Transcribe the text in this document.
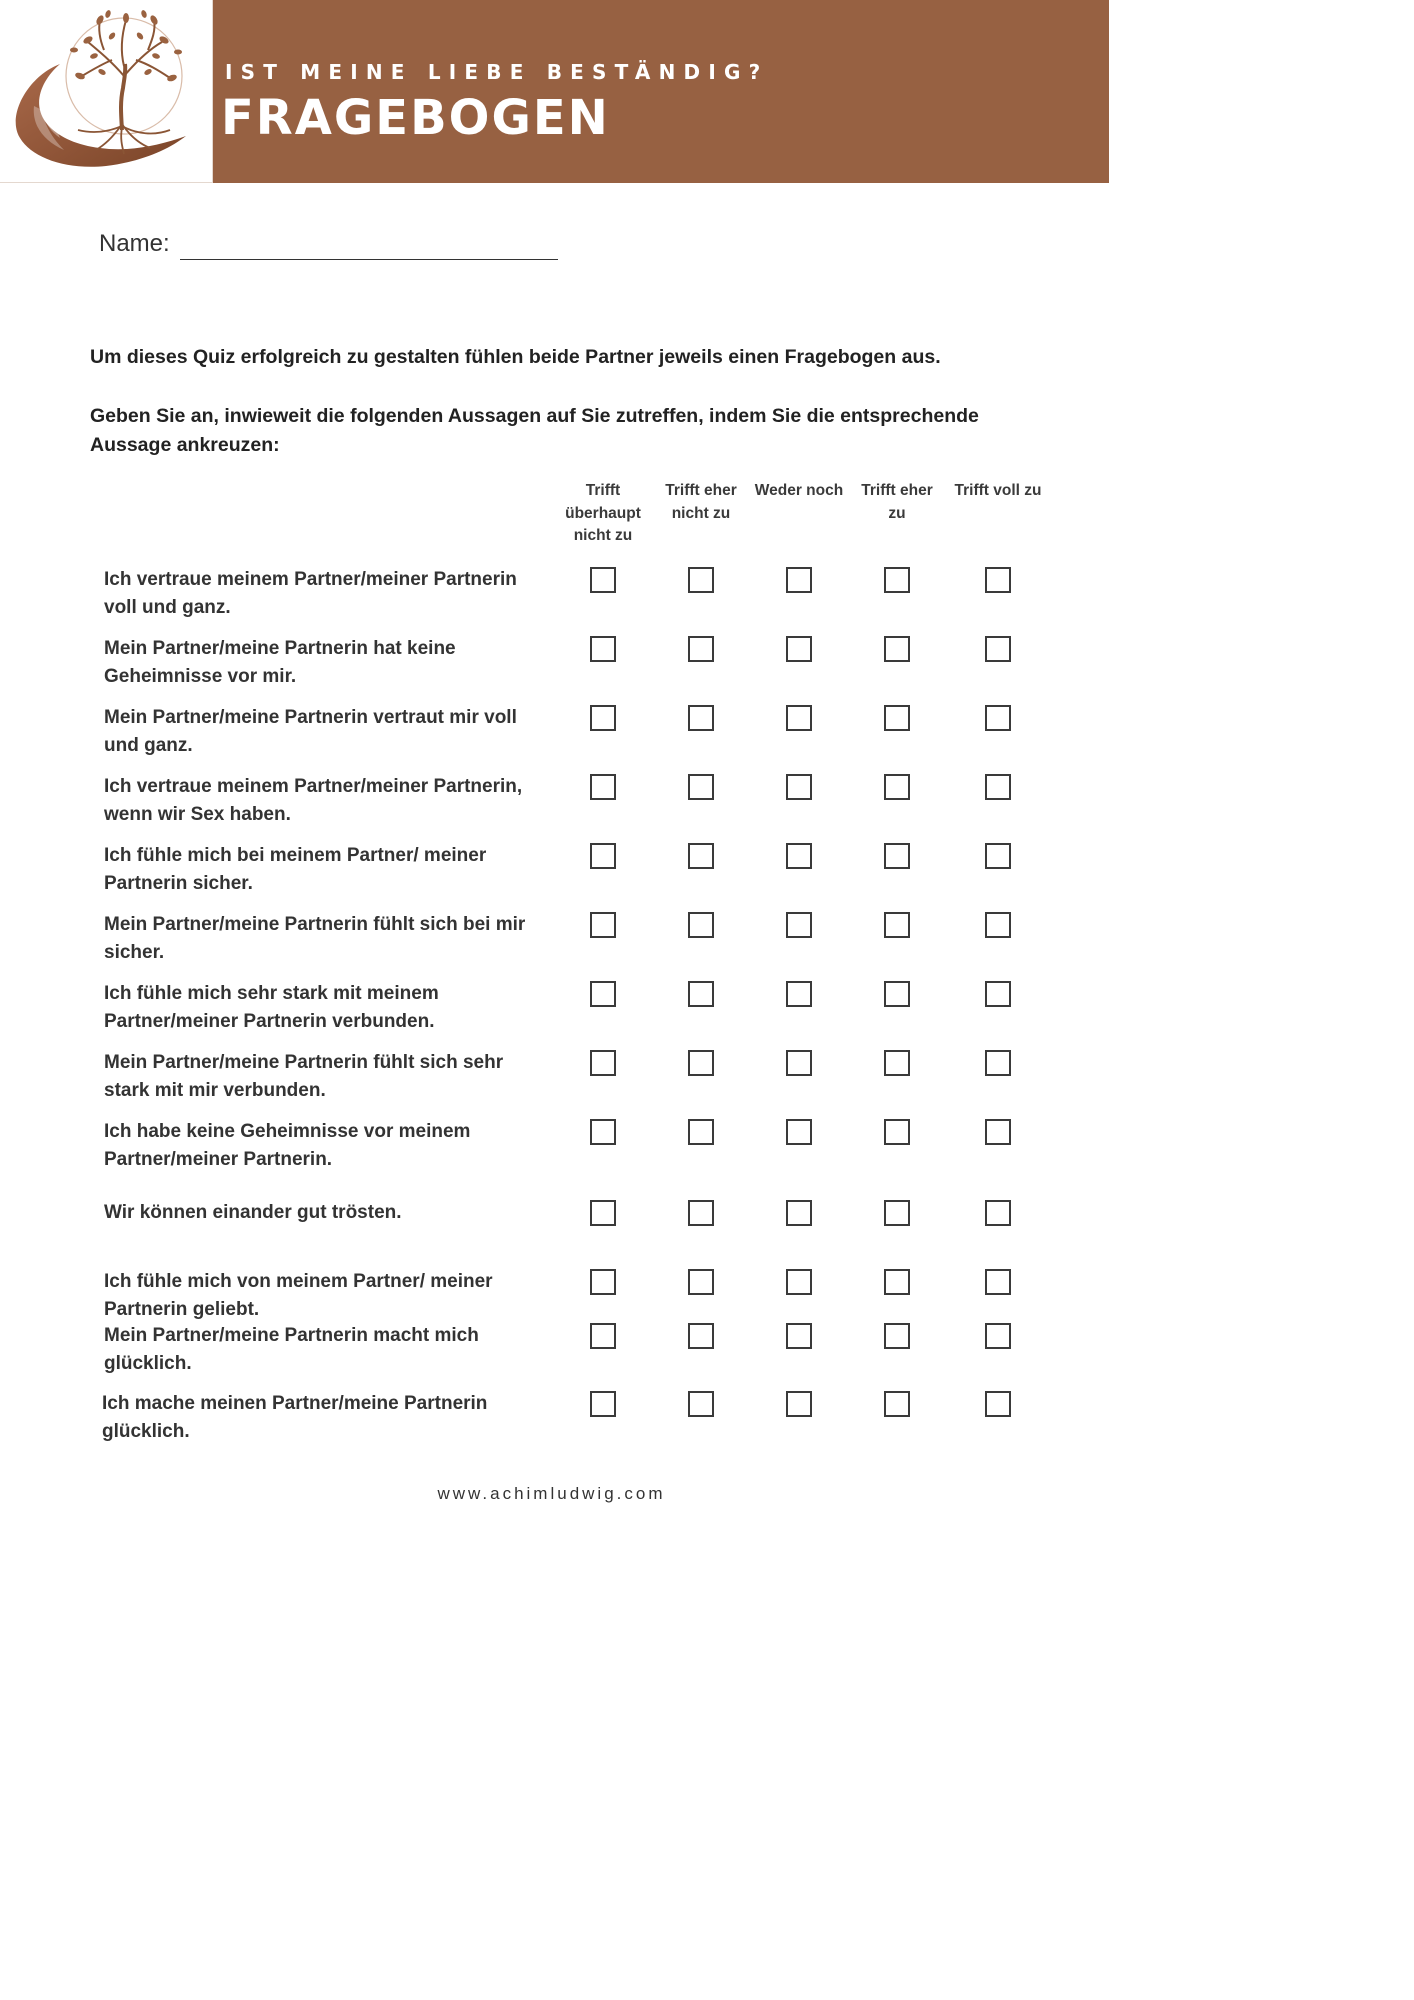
IST MEINE LIEBE BESTÄNDIG?
FRAGEBOGEN
Name:
Um dieses Quiz erfolgreich zu gestalten fühlen beide Partner jeweils einen Fragebogen aus.
Geben Sie an, inwieweit die folgenden Aussagen auf Sie zutreffen, indem Sie die entsprechende Aussage ankreuzen:
Trifft überhaupt nicht zu
Trifft eher nicht zu
Weder noch	Trifft eher zu
Trifft voll zu
Ich vertraue meinem Partner/meiner Partnerin voll und ganz.
Mein Partner/meine Partnerin hat keine Geheimnisse vor mir.
Mein Partner/meine Partnerin vertraut mir voll und ganz.
Ich vertraue meinem Partner/meiner Partnerin, wenn wir Sex haben.
Ich fühle mich bei meinem Partner/ meiner Partnerin sicher.
Mein Partner/meine Partnerin fühlt sich bei mir sicher.
Ich fühle mich sehr stark mit meinem Partner/meiner Partnerin verbunden.
Mein Partner/meine Partnerin fühlt sich sehr stark mit mir verbunden.
Ich habe keine Geheimnisse vor meinem Partner/meiner Partnerin.
Wir können einander gut trösten.
Ich fühle mich von meinem Partner/ meiner Partnerin geliebt.
Mein Partner/meine Partnerin macht mich glücklich.
Ich mache meinen Partner/meine Partnerin glücklich.
www.achimludwig.com
